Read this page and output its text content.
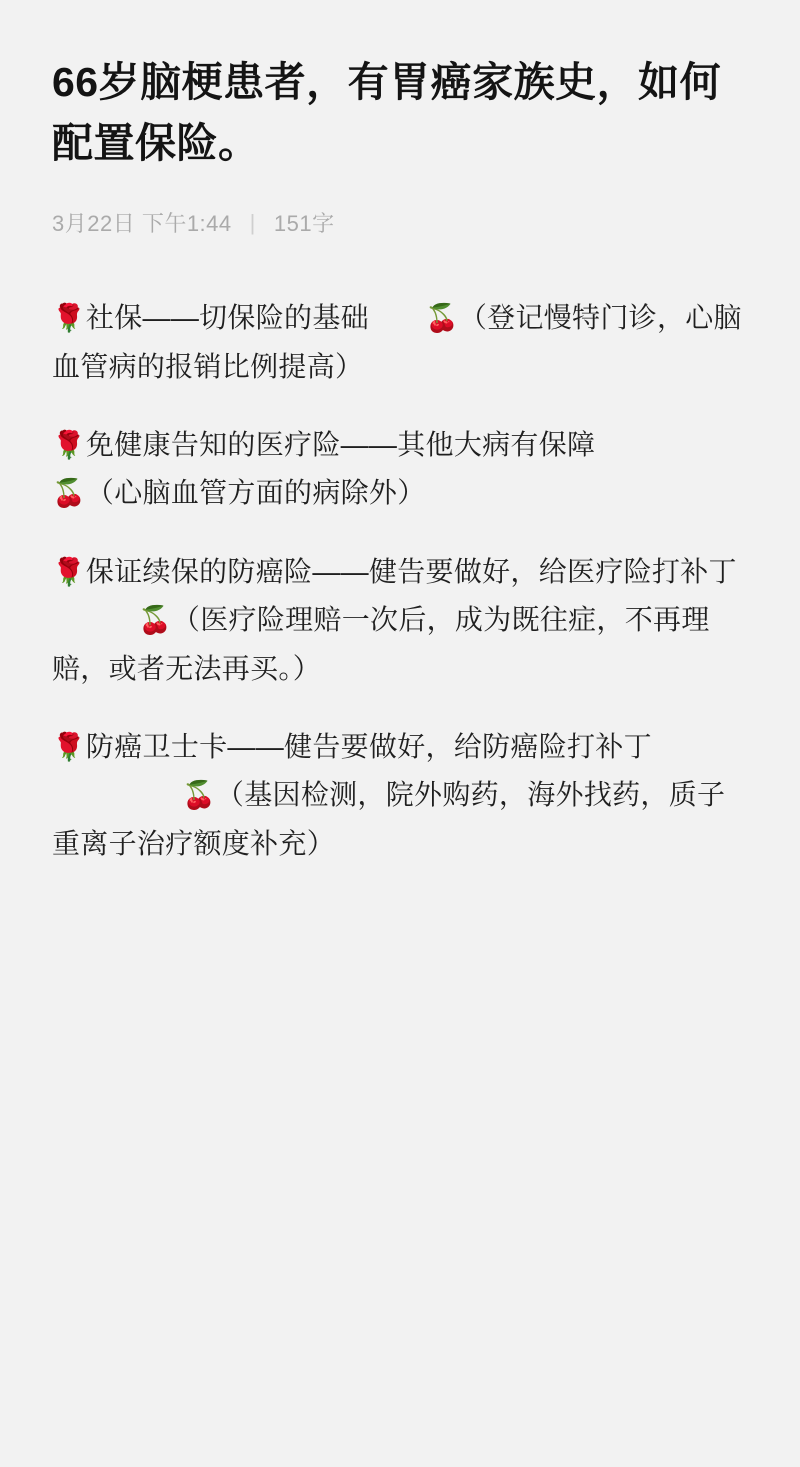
66岁脑梗患者，有胃癌家族史，如何配置保险。
3月22日 下午1:44 | 151字

🌹社保——切保险的基础 🍒（登记慢特门诊，心脑血管病的报销比例提高）

🌹免健康告知的医疗险——其他大病有保障🍒（心脑血管方面的病除外）

🌹保证续保的防癌险——健告要做好，给医疗险打补丁🍒（医疗险理赔一次后，成为既往症，不再理赔，或者无法再买。）

🌹防癌卫士卡——健告要做好，给防癌险打补丁🍒（基因检测，院外购药，海外找药，质子重离子治疗额度补充）
